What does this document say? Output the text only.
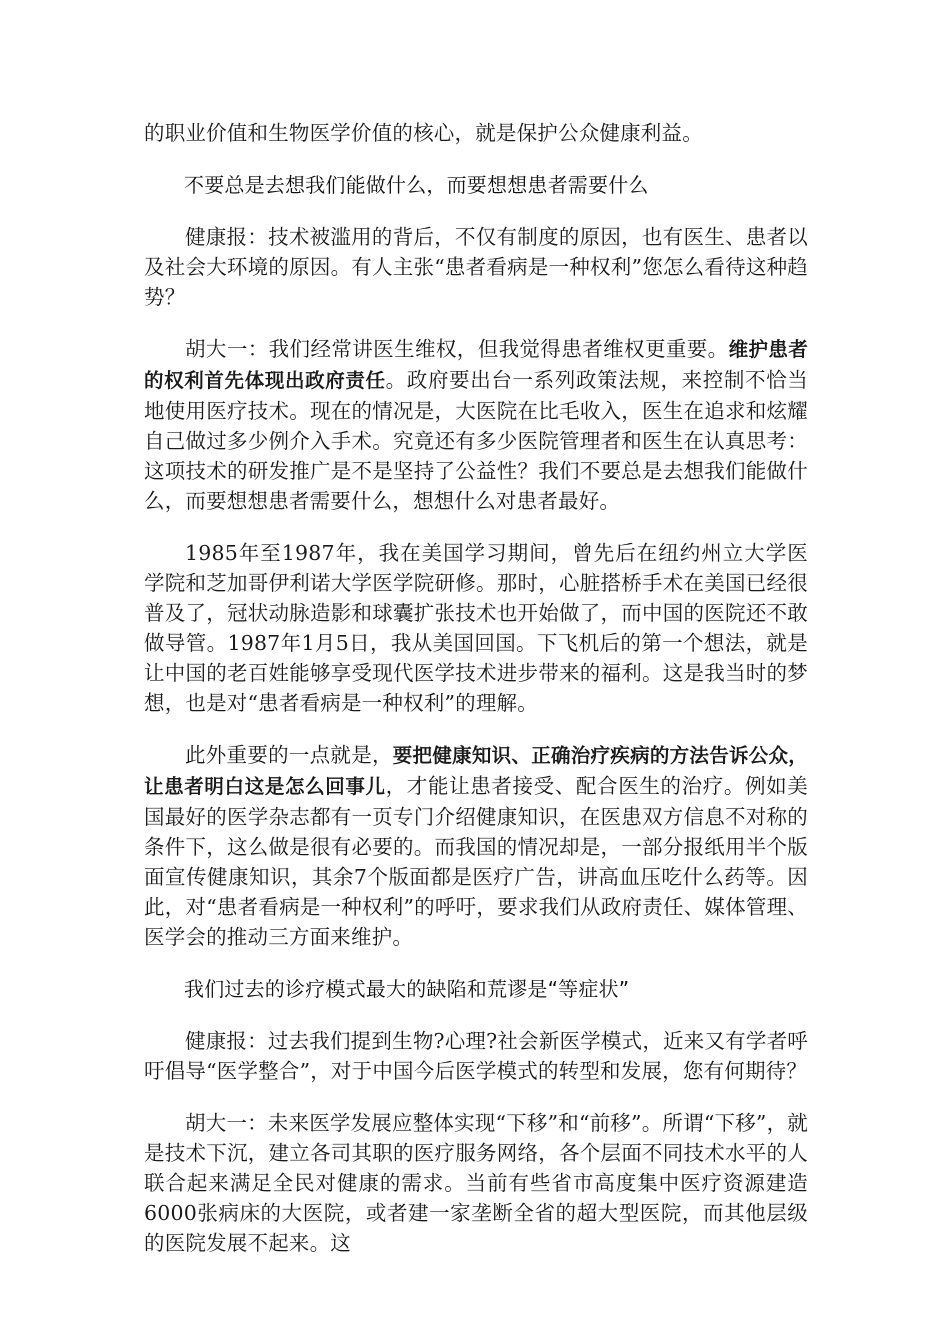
的职业价值和生物医学价值的核心，就是保护公众健康利益。

不要总是去想我们能做什么，而要想想患者需要什么

健康报：技术被滥用的背后，不仅有制度的原因，也有医生、患者以及社会大环境的原因。有人主张“患者看病是一种权利”您怎么看待这种趋势？

胡大一：我们经常讲医生维权，但我觉得患者维权更重要。维护患者的权利首先体现出政府责任。政府要出台一系列政策法规，来控制不恰当地使用医疗技术。现在的情况是，大医院在比毛收入，医生在追求和炫耀自己做过多少例介入手术。究竟还有多少医院管理者和医生在认真思考：这项技术的研发推广是不是坚持了公益性？我们不要总是去想我们能做什么，而要想想患者需要什么，想想什么对患者最好。

1985年至1987年，我在美国学习期间，曾先后在纽约州立大学医学院和芝加哥伊利诺大学医学院研修。那时，心脏搭桥手术在美国已经很普及了，冠状动脉造影和球囊扩张技术也开始做了，而中国的医院还不敢做导管。1987年1月5日，我从美国回国。下飞机后的第一个想法，就是让中国的老百姓能够享受现代医学技术进步带来的福利。这是我当时的梦想，也是对“患者看病是一种权利”的理解。

此外重要的一点就是，要把健康知识、正确治疗疾病的方法告诉公众，让患者明白这是怎么回事儿，才能让患者接受、配合医生的治疗。例如美国最好的医学杂志都有一页专门介绍健康知识，在医患双方信息不对称的条件下，这么做是很有必要的。而我国的情况却是，一部分报纸用半个版面宣传健康知识，其余7个版面都是医疗广告，讲高血压吃什么药等。因此，对“患者看病是一种权利”的呼吁，要求我们从政府责任、媒体管理、医学会的推动三方面来维护。

我们过去的诊疗模式最大的缺陷和荒谬是“等症状”

健康报：过去我们提到生物?心理?社会新医学模式，近来又有学者呼吁倡导“医学整合”，对于中国今后医学模式的转型和发展，您有何期待？

胡大一：未来医学发展应整体实现“下移”和“前移”。所谓“下移”，就是技术下沉，建立各司其职的医疗服务网络，各个层面不同技术水平的人联合起来满足全民对健康的需求。当前有些省市高度集中医疗资源建造6000张病床的大医院，或者建一家垄断全省的超大型医院，而其他层级的医院发展不起来。这
